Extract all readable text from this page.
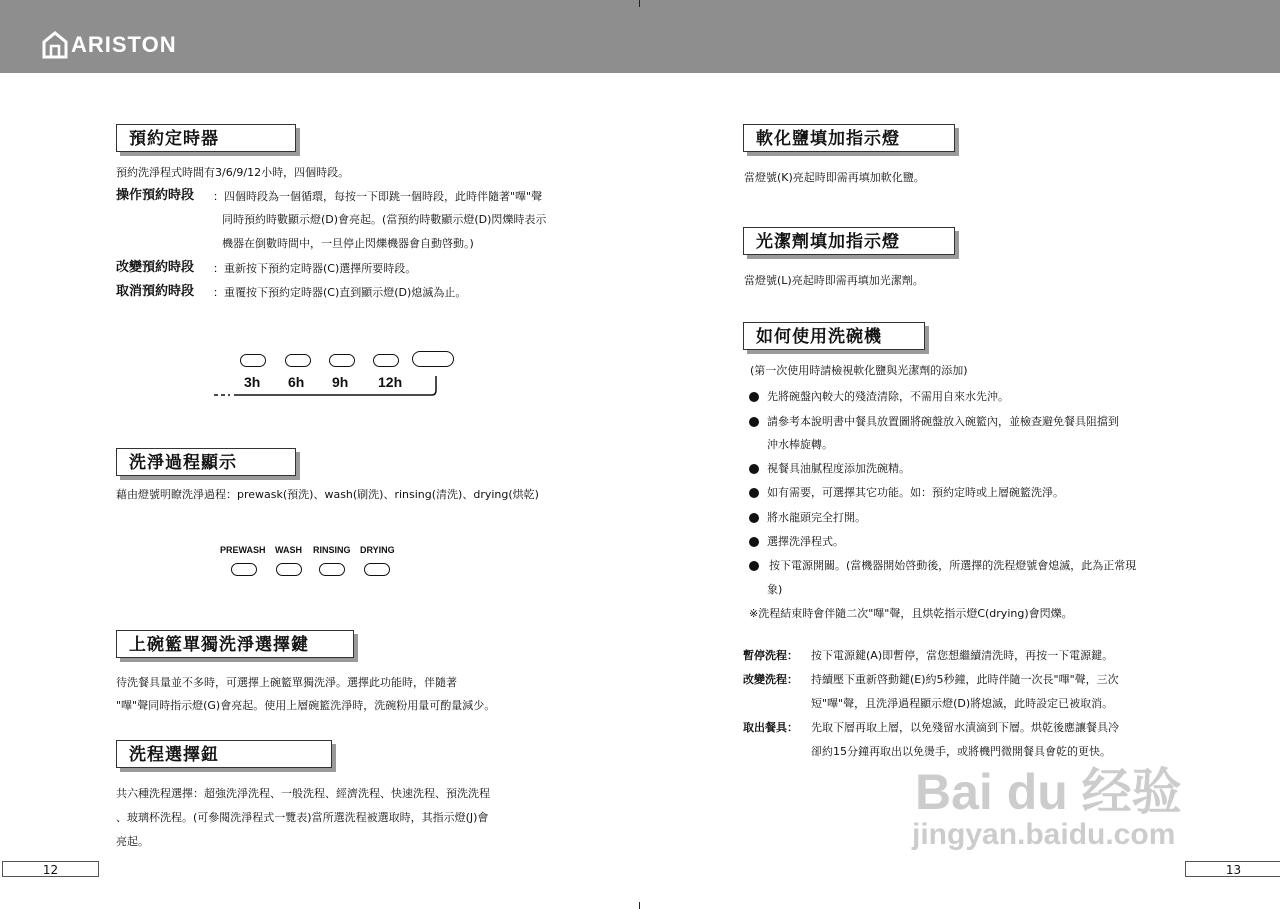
ARISTON
預約定時器
預約洗淨程式時間有3/6/9/12小時，四個時段。
操作預約時段 ：四個時段為一個循環，每按一下即跳一個時段，此時伴隨著"嗶"聲
同時預約時數顯示燈(D)會亮起。(當預約時數顯示燈(D)閃爍時表示
機器在倒數時間中，一旦停止閃爍機器會自動啓動。)
改變預約時段 ：重新按下預約定時器(C)選擇所要時段。
取消預約時段 ：重覆按下預約定時器(C)直到顯示燈(D)熄滅為止。
3h 6h 9h 12h
洗淨過程顯示
藉由燈號明瞭洗淨過程：prewask(預洗)、wash(刷洗)、rinsing(清洗)、drying(烘乾)
PREWASH WASH RINSING DRYING
上碗籃單獨洗淨選擇鍵
待洗餐具量並不多時，可選擇上碗籃單獨洗淨。選擇此功能時，伴隨著
"嗶"聲同時指示燈(G)會亮起。使用上層碗籃洗淨時，洗碗粉用量可酌量減少。
洗程選擇鈕
共六種洗程選擇：超強洗淨洗程、一般洗程、經濟洗程、快速洗程、預洗洗程
、玻璃杯洗程。(可參閱洗淨程式一覽表)當所選洗程被選取時，其指示燈(J)會
亮起。
12
軟化鹽填加指示燈
當燈號(K)亮起時即需再填加軟化鹽。
光潔劑填加指示燈
當燈號(L)亮起時即需再填加光潔劑。
如何使用洗碗機
(第一次使用時請檢視軟化鹽與光潔劑的添加)
先將碗盤內較大的殘渣清除，不需用自來水先沖。
請參考本說明書中餐具放置圖將碗盤放入碗籃內，並檢查避免餐具阻擋到
沖水棒旋轉。
視餐具油膩程度添加洗碗精。
如有需要，可選擇其它功能。如：預約定時或上層碗籃洗淨。
將水龍頭完全打開。
選擇洗淨程式。
按下電源開關。(當機器開始啓動後，所選擇的洗程燈號會熄滅，此為正常現
象)
※洗程結束時會伴隨二次"嗶"聲，且烘乾指示燈C(drying)會閃爍。
暫停洗程： 按下電源鍵(A)即暫停，當您想繼續清洗時，再按一下電源鍵。
改變洗程： 持續壓下重新啓動鍵(E)約5秒鐘，此時伴隨一次長"嗶"聲，三次
短"嗶"聲，且洗淨過程顯示燈(D)將熄滅，此時設定已被取消。
取出餐具： 先取下層再取上層，以免殘留水漬滴到下層。烘乾後應讓餐具冷
卻約15分鐘再取出以免燙手，或將機門微開餐具會乾的更快。
13
Bai du 经验
jingyan.baidu.com
